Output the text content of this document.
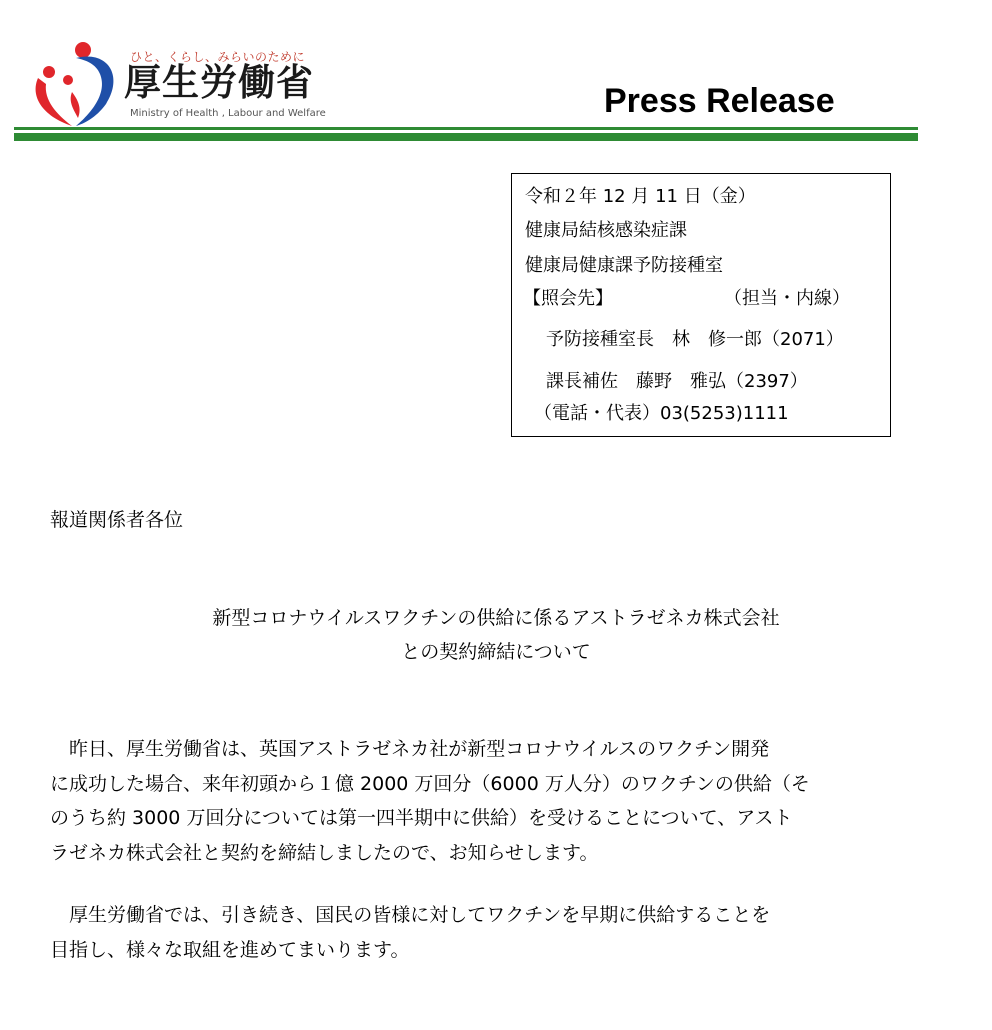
ひと、くらし、みらいのために
厚生労働省
Ministry of Health , Labour and Welfare	Press Release
令和２年 12 月 11 日（金）
健康局結核感染症課
健康局健康課予防接種室
【照会先】	（担当・内線）
予防接種室長　林　修一郎（2071）
課長補佐　藤野　雅弘（2397）
（電話・代表）03(5253)1111
報道関係者各位
新型コロナウイルスワクチンの供給に係るアストラゼネカ株式会社
との契約締結について
　昨日、厚生労働省は、英国アストラゼネカ社が新型コロナウイルスのワクチン開発
に成功した場合、来年初頭から１億 2000 万回分（6000 万人分）のワクチンの供給（そ
のうち約 3000 万回分については第一四半期中に供給）を受けることについて、アスト
ラゼネカ株式会社と契約を締結しましたので、お知らせします。
　厚生労働省では、引き続き、国民の皆様に対してワクチンを早期に供給することを
目指し、様々な取組を進めてまいります。
